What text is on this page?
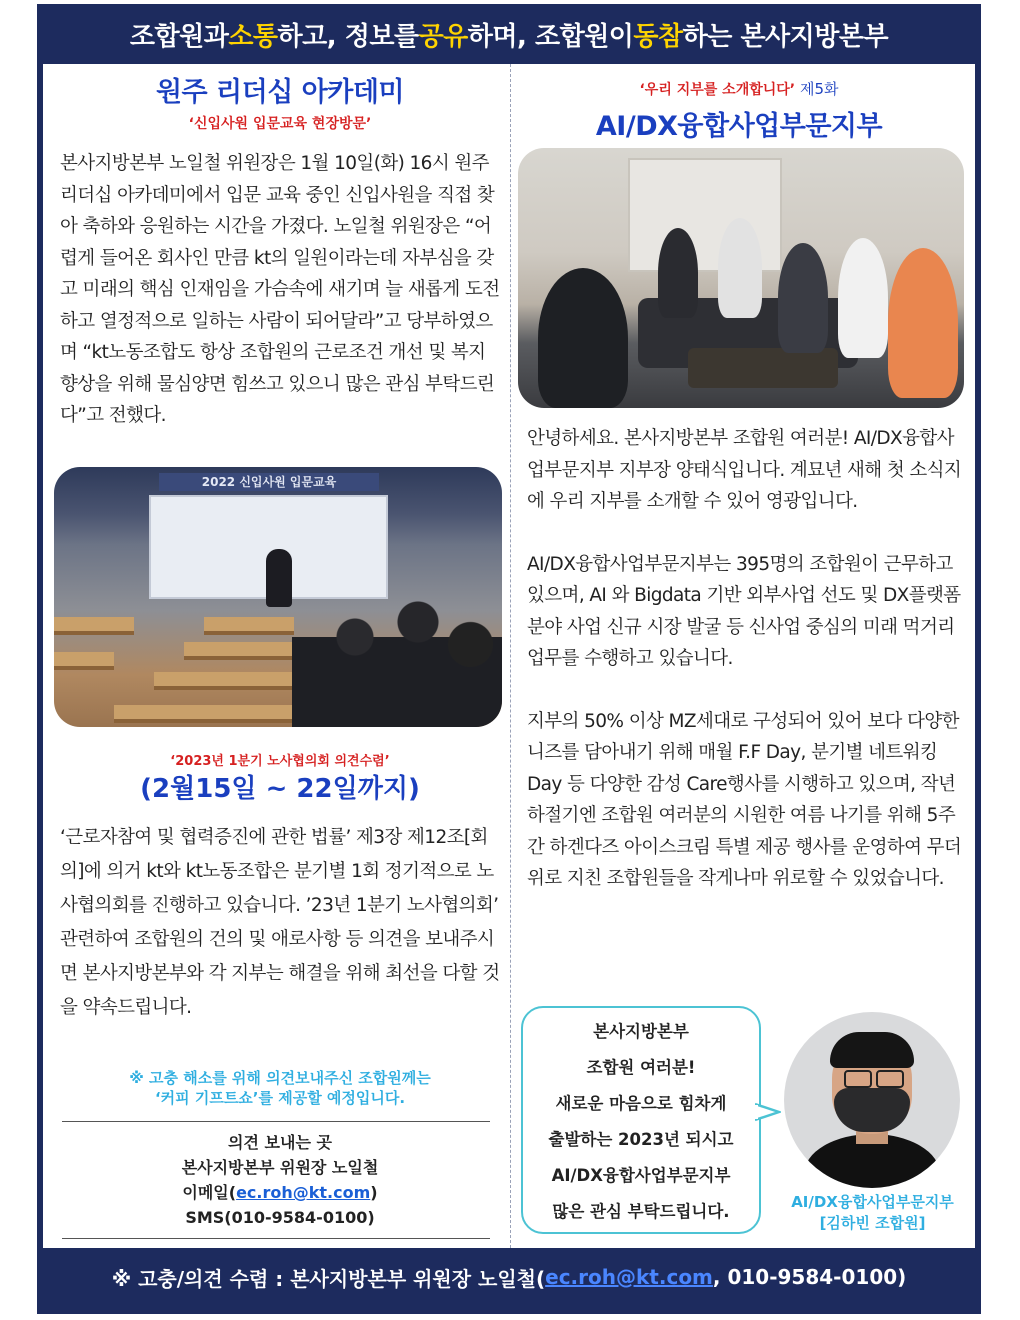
조합원과 소통 하고, 정보를 공유 하며, 조합원이 동참 하는 본사지방본부
원주 리더십 아카데미
‘신입사원 입문교육 현장방문’

본사지방본부 노일철 위원장은 1월 10일(화) 16시 원주 리더십 아카데미에서 입문 교육 중인 신입사원을 직접 찾아 축하와 응원하는 시간을 가졌다. 노일철 위원장은 “어렵게 들어온 회사인 만큼 kt의 일원이라는데 자부심을 갖고 미래의 핵심 인재임을 가슴속에 새기며 늘 새롭게 도전하고 열정적으로 일하는 사람이 되어달라”고 당부하였으며 “kt노동조합도 항상 조합원의 근로조건 개선 및 복지 향상을 위해 물심양면 힘쓰고 있으니 많은 관심 부탁드린다”고 전했다.

2022 신입사원 입문교육
‘2023년 1분기 노사협의회 의견수렴’
(2월15일 ~ 22일까지)

‘근로자참여 및 협력증진에 관한 법률’ 제3장 제12조[회의]에 의거 kt와 kt노동조합은 분기별 1회 정기적으로 노사협의회를 진행하고 있습니다. ’23년 1분기 노사협의회’ 관련하여 조합원의 건의 및 애로사항 등 의견을 보내주시면 본사지방본부와 각 지부는 해결을 위해 최선을 다할 것을 약속드립니다.

※ 고충 해소를 위해 의견보내주신 조합원께는
‘커피 기프트쇼’를 제공할 예정입니다.
의견 보내는 곳
본사지방본부 위원장 노일철
이메일(ec.roh@kt.com)
SMS(010-9584-0100)
‘우리 지부를 소개합니다’ 제5화
AI/DX융합사업부문지부

안녕하세요. 본사지방본부 조합원 여러분! AI/DX융합사업부문지부 지부장 양태식입니다. 계묘년 새해 첫 소식지에 우리 지부를 소개할 수 있어 영광입니다.

AI/DX융합사업부문지부는 395명의 조합원이 근무하고 있으며, AI 와 Bigdata 기반 외부사업 선도 및 DX플랫폼 분야 사업 신규 시장 발굴 등 신사업 중심의 미래 먹거리 업무를 수행하고 있습니다.

지부의 50% 이상 MZ세대로 구성되어 있어 보다 다양한 니즈를 담아내기 위해 매월 F.F Day, 분기별 네트워킹 Day 등 다양한 감성 Care행사를 시행하고 있으며, 작년 하절기엔 조합원 여러분의 시원한 여름 나기를 위해 5주간 하겐다즈 아이스크림 특별 제공 행사를 운영하여 무더위로 지친 조합원들을 작게나마 위로할 수 있었습니다.

본사지방본부
조합원 여러분!
새로운 마음으로 힘차게
출발하는 2023년 되시고
AI/DX융합사업부문지부
많은 관심 부탁드립니다.	AI/DX융합사업부문지부
[김하빈 조합원]
※ 고충/의견 수렴 : 본사지방본부 위원장 노일철( ec.roh@kt.com , 010-9584-0100)
